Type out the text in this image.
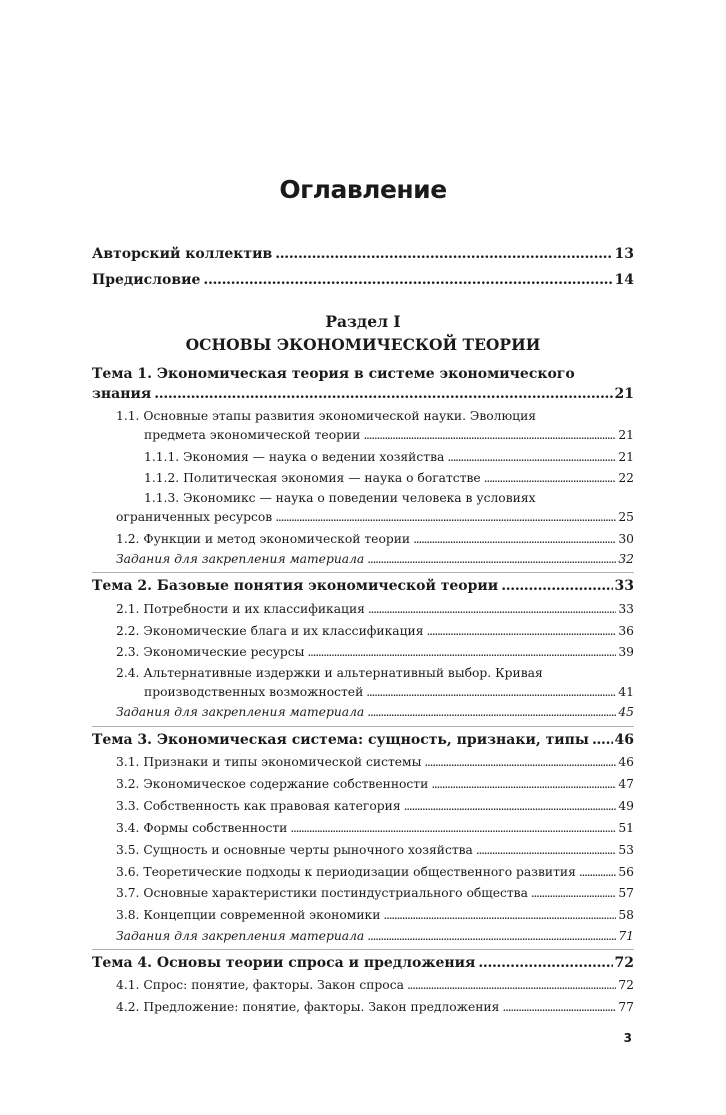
Оглавление
Авторский коллектив . . .	13
Предисловие . . .	14
Раздел I
ОСНОВЫ ЭКОНОМИЧЕСКОЙ ТЕОРИИ
Тема 1. Экономическая теория в системе экономического
знания . . .	21
1.1. Основные этапы развития экономической науки. Эволюция
предмета экономической теории . . .	21
1.1.1. Экономия — наука о ведении хозяйства . . .	21
1.1.2. Политическая экономия — наука о богатстве . . .	22
1.1.3. Экономикс — наука о поведении человека в условиях
ограниченных ресурсов . . .	25
1.2. Функции и метод экономической теории . . .	30
Задания для закрепления материала . . .	32
Тема 2. Базовые понятия экономической теории . . .	33
2.1. Потребности и их классификация . . .	33
2.2. Экономические блага и их классификация . . .	36
2.3. Экономические ресурсы . . .	39
2.4. Альтернативные издержки и альтернативный выбор. Кривая
производственных возможностей . . .	41
Задания для закрепления материала . . .	45
Тема 3. Экономическая система: сущность, признаки, типы . . . 46
3.1. Признаки и типы экономической системы . . .	46
3.2. Экономическое содержание собственности . . .	47
3.3. Собственность как правовая категория . . .	49
3.4. Формы собственности . . .	51
3.5. Сущность и основные черты рыночного хозяйства . . .	53
3.6. Теоретические подходы к периодизации общественного развития . . .	56
3.7. Основные характеристики постиндустриального общества . . .	57
3.8. Концепции современной экономики . . .	58
Задания для закрепления материала . . .	71
Тема 4. Основы теории спроса и предложения . . .	72
4.1. Спрос: понятие, факторы. Закон спроса . . .	72
4.2. Предложение: понятие, факторы. Закон предложения . . .	77
3
